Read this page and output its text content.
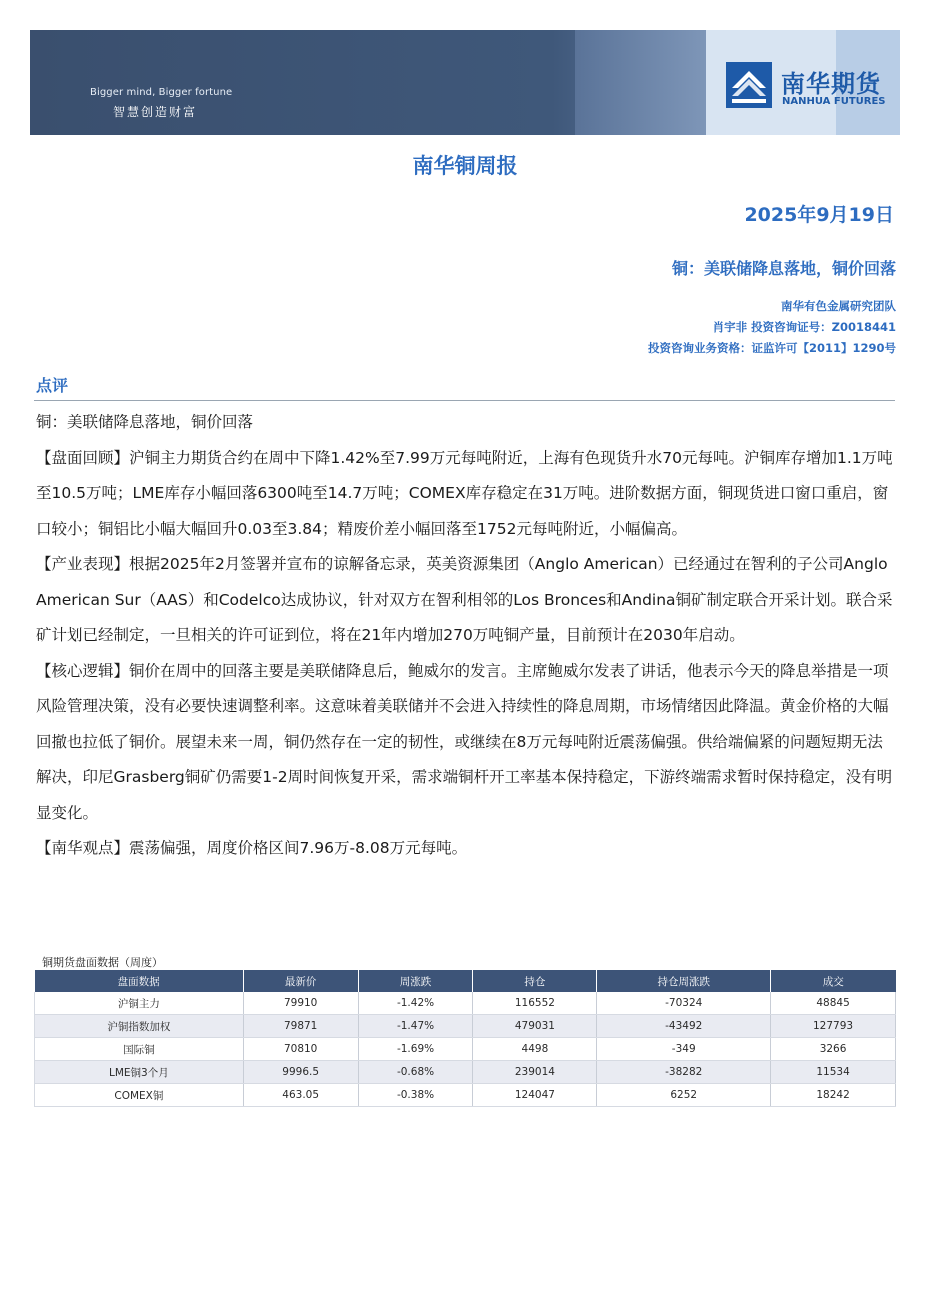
Bigger mind, Bigger fortune
智慧创造财富
南华期货
NANHUA FUTURES
南华铜周报
2025年9月19日
铜：美联储降息落地，铜价回落
南华有色金属研究团队
肖宇非 投资咨询证号：Z0018441
投资咨询业务资格：证监许可【2011】1290号
点评

铜：美联储降息落地，铜价回落

【盘面回顾】沪铜主力期货合约在周中下降1.42%至7.99万元每吨附近，上海有色现货升水70元每吨。沪铜库存增加1.1万吨至10.5万吨；LME库存小幅回落6300吨至14.7万吨；COMEX库存稳定在31万吨。进阶数据方面，铜现货进口窗口重启，窗口较小；铜铝比小幅大幅回升0.03至3.84；精废价差小幅回落至1752元每吨附近，小幅偏高。

【产业表现】根据2025年2月签署并宣布的谅解备忘录，英美资源集团（Anglo American）已经通过在智利的子公司Anglo American Sur（AAS）和Codelco达成协议，针对双方在智利相邻的Los Bronces和Andina铜矿制定联合开采计划。联合采矿计划已经制定，一旦相关的许可证到位，将在21年内增加270万吨铜产量，目前预计在2030年启动。

【核心逻辑】铜价在周中的回落主要是美联储降息后，鲍威尔的发言。主席鲍威尔发表了讲话，他表示今天的降息举措是一项风险管理决策，没有必要快速调整利率。这意味着美联储并不会进入持续性的降息周期，市场情绪因此降温。黄金价格的大幅回撤也拉低了铜价。展望未来一周，铜仍然存在一定的韧性，或继续在8万元每吨附近震荡偏强。供给端偏紧的问题短期无法解决，印尼Grasberg铜矿仍需要1-2周时间恢复开采，需求端铜杆开工率基本保持稳定，下游终端需求暂时保持稳定，没有明显变化。

【南华观点】震荡偏强，周度价格区间7.96万-8.08万元每吨。

铜期货盘面数据（周度）
盘面数据	最新价	周涨跌	持仓	持仓周涨跌	成交
沪铜主力	79910	-1.42%	116552	-70324	48845
沪铜指数加权	79871	-1.47%	479031	-43492	127793
国际铜	70810	-1.69%	4498	-349	3266
LME铜3个月	9996.5	-0.68%	239014	-38282	11534
COMEX铜	463.05	-0.38%	124047	6252	18242
